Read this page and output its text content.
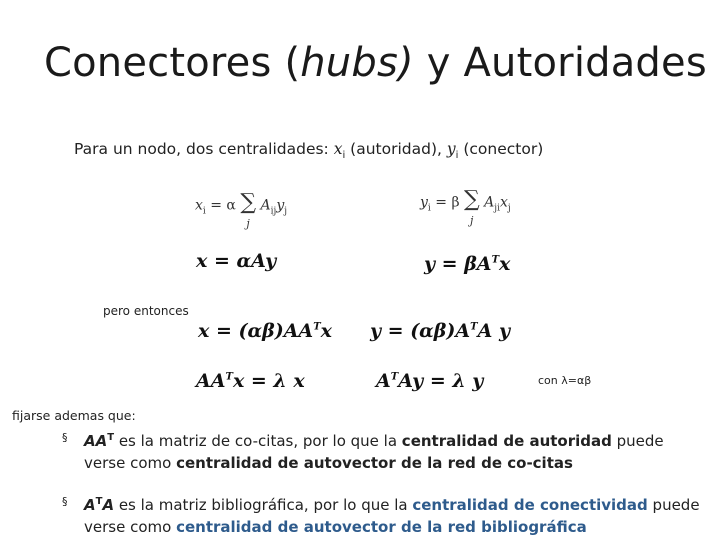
Conectores (hubs) y Autoridades
Para un nodo, dos centralidades: $x_i$ (autoridad), $y_i$ (conector)
$x_i = \alpha$ ∑
j
$A_{ij}y_j$
$y_i = \beta$ ∑
j
$A_{ji}x_j$
x = αAy	$y = \beta A^Tx$
pero entonces
$x = (\alpha\beta)AA^Tx$ $y = (\alpha\beta)A^TA$ y
$AA^Tx = \lambda$ x	$A^TAy = \lambda$ y	con λ=αβ
fijarse ademas que:
§ $AA^T$ es la matriz de co-citas, por lo que la centralidad de autoridad puede verse como centralidad de autovector de la red de co-citas
§ $A^TA$ es la matriz bibliográfica, por lo que la centralidad de conectividad puede verse como centralidad de autovector de la red bibliográfica
